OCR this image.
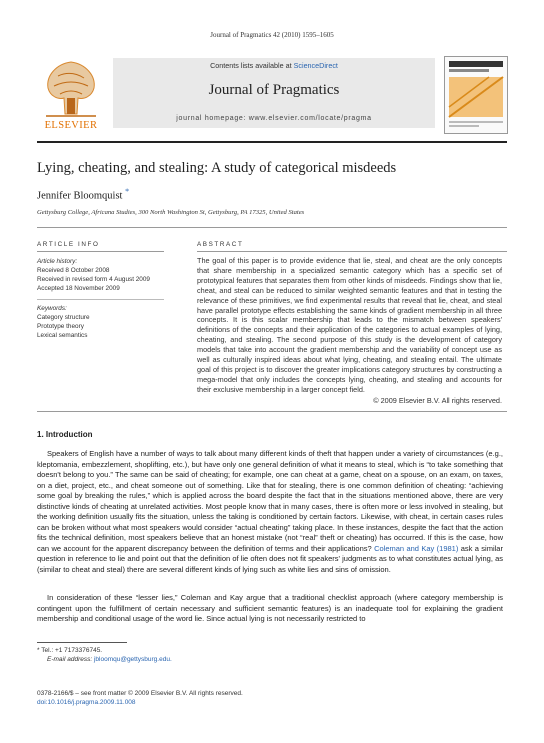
Journal of Pragmatics 42 (2010) 1595–1605
ELSEVIER
Contents lists available at ScienceDirect
Journal of Pragmatics
journal homepage: www.elsevier.com/locate/pragma
Lying, cheating, and stealing: A study of categorical misdeeds
Jennifer Bloomquist *
Gettysburg College, Africana Studies, 300 North Washington St, Gettysburg, PA 17325, United States
ARTICLE INFO
Article history:
Received 8 October 2008
Received in revised form 4 August 2009
Accepted 18 November 2009
Keywords:
Category structure
Prototype theory
Lexical semantics
ABSTRACT
The goal of this paper is to provide evidence that lie, steal, and cheat are the only concepts that share membership in a specialized semantic category which has a specific set of prototypical features that separates them from other kinds of misdeeds. Findings show that lie, cheat, and steal can be reduced to similar weighted semantic features and that in testing the relevance of these primitives, we find experimental results that reveal that lie, cheat, and steal have parallel prototype effects establishing the same kinds of gradient membership in all three concepts. It is this scalar membership that leads to the mismatch between speakers' definitions of the concepts and their application of the categories to actual examples of lying, cheating, and stealing. The second purpose of this study is the development of category models that take into account the gradient membership and the variability of concept use as well as culturally inspired ideas about what lying, cheating, and stealing entail. The ultimate goal of this project is to discover the greater implications category structures by constructing a mega-model that only includes the concepts lying, cheating, and stealing and accounts for their exclusive membership in a larger concept field.
© 2009 Elsevier B.V. All rights reserved.
1. Introduction
Speakers of English have a number of ways to talk about many different kinds of theft that happen under a variety of circumstances (e.g., kleptomania, embezzlement, shoplifting, etc.), but have only one general definition of what it means to steal, which is “to take something that doesn't belong to you.” The same can be said of cheating; for example, one can cheat at a game, cheat on a spouse, on an exam, on taxes, on a diet, project, etc., and cheat someone out of something. Like that for stealing, there is one common definition of cheating: “achieving some goal by breaking the rules,” which is applied across the board despite the fact that in the situations mentioned above, there are very distinctive kinds of cheating at unrelated activities. Most people know that in many cases, there is often more or less involved in stealing, but the working definition usually fits the situation, unless the taking is conditioned by certain factors. Likewise, with cheat, in certain cases rules can be broken without what most speakers would consider “actual cheating” taking place. In these instances, despite the fact that the action fits the technical definition, most speakers believe that an honest mistake (not “real” theft or cheating) has occurred. If this is the case, how can we account for the apparent discrepancy between the definition of terms and their applications? Coleman and Kay (1981) ask a similar question in reference to lie and point out that the definition of lie often does not fit speakers' judgments as to what constitutes actual lying, as (similar to cheat and steal) there are several different kinds of lying such as white lies and sins of omission.
In consideration of these “lesser lies,” Coleman and Kay argue that a traditional checklist approach (where category membership is contingent upon the fulfillment of certain necessary and sufficient semantic features) is an inadequate tool for explaining the gradient membership and conditional usage of the word lie. Since actual lying is not necessarily restricted to
* Tel.: +1 7173376745.
E-mail address: jbloomqu@gettysburg.edu.
0378-2166/$ – see front matter © 2009 Elsevier B.V. All rights reserved.
doi:10.1016/j.pragma.2009.11.008
